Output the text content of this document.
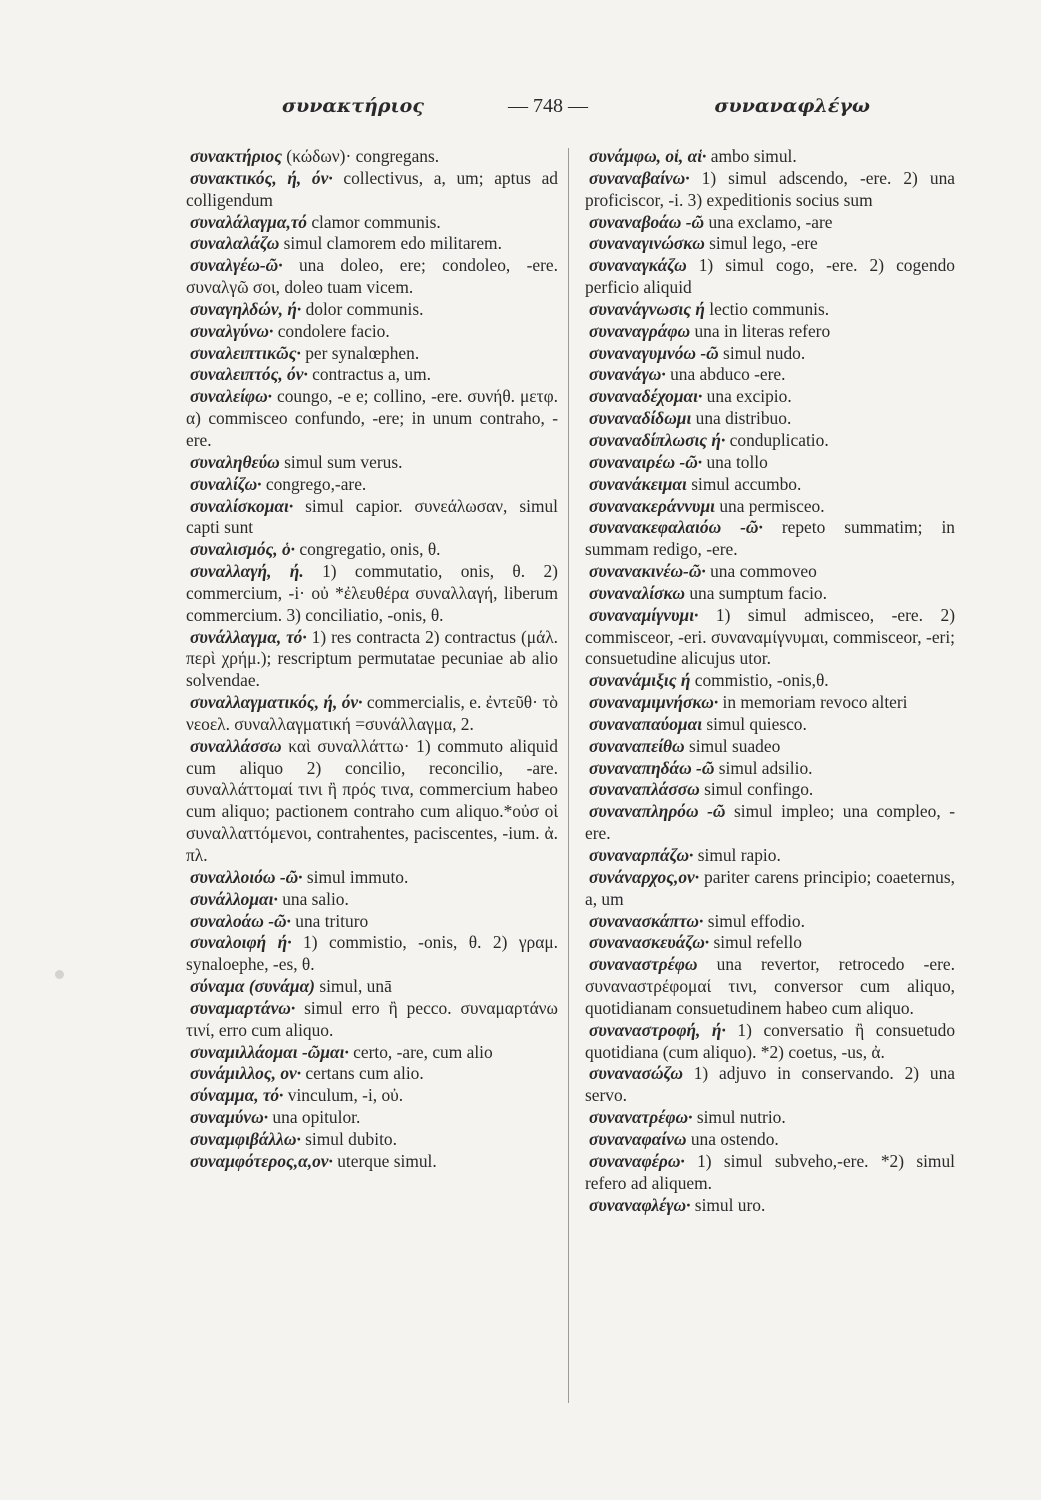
συνακτήριος	— 748 —	συναναφλέγω

συνακτήριος (κώδων)· congregans.

συνακτικός, ή, όν· collectivus, a, um; aptus ad colligendum

συναλάλαγμα,τό clamor communis.

συναλαλάζω simul clamorem edo militarem.

συναλγέω-ῶ· una doleo, ere; condoleo, -ere. συναλγῶ σοι, doleo tuam vicem.

συναγηλδών, ή· dolor communis.

συναλγύνω· condolere facio.

συναλειπτικῶς· per synalœphen.

συναλειπτός, όν· contractus a, um.

συναλείφω· coungo, -e e; collino, -ere. συνήθ. μετφ. α) commisceo confundo, -ere; in unum contraho, -ere.

συναληθεύω simul sum verus.

συναλίζω· congrego,-are.

συναλίσκομαι· simul capior. συνεάλωσαν, simul capti sunt

συναλισμός, ὁ· congregatio, onis, θ.

συναλλαγή, ή. 1) commutatio, onis, θ. 2) commercium, -i· οὐ *ἐλευθέρα συναλλαγή, liberum commercium. 3) conciliatio, -onis, θ.

συνάλλαγμα, τό· 1) res contracta 2) contractus (μάλ. περὶ χρήμ.); rescriptum permutatae pecuniae ab alio solvendae.

συναλλαγματικός, ή, όν· commercialis, e. ἐντεῦθ· τὸ νεοελ. συναλλαγματική =συνάλλαγμα, 2.

συναλλάσσω καὶ συναλλάττω· 1) commuto aliquid cum aliquo 2) concilio, reconcilio, -are. συναλλάττομαί τινι ἢ πρός τινα, commercium habeo cum aliquo; pactionem contraho cum aliquo.*οὐσ οἱ συναλλαττόμενοι, contrahentes, paciscentes, -ium. ἀ. πλ.

συναλλοιόω -ῶ· simul immuto.

συνάλλομαι· una salio.

συναλοάω -ῶ· una trituro

συναλοιφή ή· 1) commistio, -onis, θ. 2) γραμ. synaloephe, -es, θ.

σύναμα (συνάμα) simul, unā

συναμαρτάνω· simul erro ἢ pecco. συναμαρτάνω τινί, erro cum aliquo.

συναμιλλάομαι -ῶμαι· certo, -are, cum alio

συνάμιλλος, ον· certans cum alio.

σύναμμα, τό· vinculum, -i, οὐ.

συναμύνω· una opitulor.

συναμφιβάλλω· simul dubito.

συναμφότερος,α,ον· uterque simul.

συνάμφω, οἱ, αἱ· ambo simul.

συναναβαίνω· 1) simul adscendo, -ere. 2) una proficiscor, -i. 3) expeditionis socius sum

συναναβοάω -ῶ una exclamo, -are

συναναγινώσκω simul lego, -ere

συναναγκάζω 1) simul cogo, -ere. 2) cogendo perficio aliquid

συνανάγνωσις ή lectio communis.

συναναγράφω una in literas refero

συναναγυμνόω -ῶ simul nudo.

συνανάγω· una abduco -ere.

συναναδέχομαι· una excipio.

συναναδίδωμι una distribuo.

συναναδίπλωσις ή· conduplicatio.

συναναιρέω -ῶ· una tollo

συνανάκειμαι simul accumbo.

συνανακεράννυμι una permisceo.

συνανακεφαλαιόω -ῶ· repeto summatim; in summam redigo, -ere.

συνανακινέω-ῶ· una commoveo

συναναλίσκω una sumptum facio.

συναναμίγνυμι· 1) simul admisceo, -ere. 2) commisceor, -eri. συναναμίγνυμαι, commisceor, -eri; consuetudine alicujus utor.

συνανάμιξις ή commistio, -onis,θ.

συναναμιμνήσκω· in memoriam revoco alteri

συναναπαύομαι simul quiesco.

συναναπείθω simul suadeo

συναναπηδάω -ῶ simul adsilio.

συναναπλάσσω simul confingo.

συναναπληρόω -ῶ simul impleo; una compleo, -ere.

συναναρπάζω· simul rapio.

συνάναρχος,ον· pariter carens principio; coaeternus, a, um

συνανασκάπτω· simul effodio.

συνανασκευάζω· simul refello

συναναστρέφω una revertor, retrocedo -ere. συναναστρέφομαί τινι, conversor cum aliquo, quotidianam consuetudinem habeo cum aliquo.

συναναστροφή, ή· 1) conversatio ἢ consuetudo quotidiana (cum aliquo). *2) coetus, -us, ἀ.

συνανασώζω 1) adjuvo in conservando. 2) una servo.

συνανατρέφω· simul nutrio.

συναναφαίνω una ostendo.

συναναφέρω· 1) simul subveho,-ere. *2) simul refero ad aliquem.

συναναφλέγω· simul uro.
